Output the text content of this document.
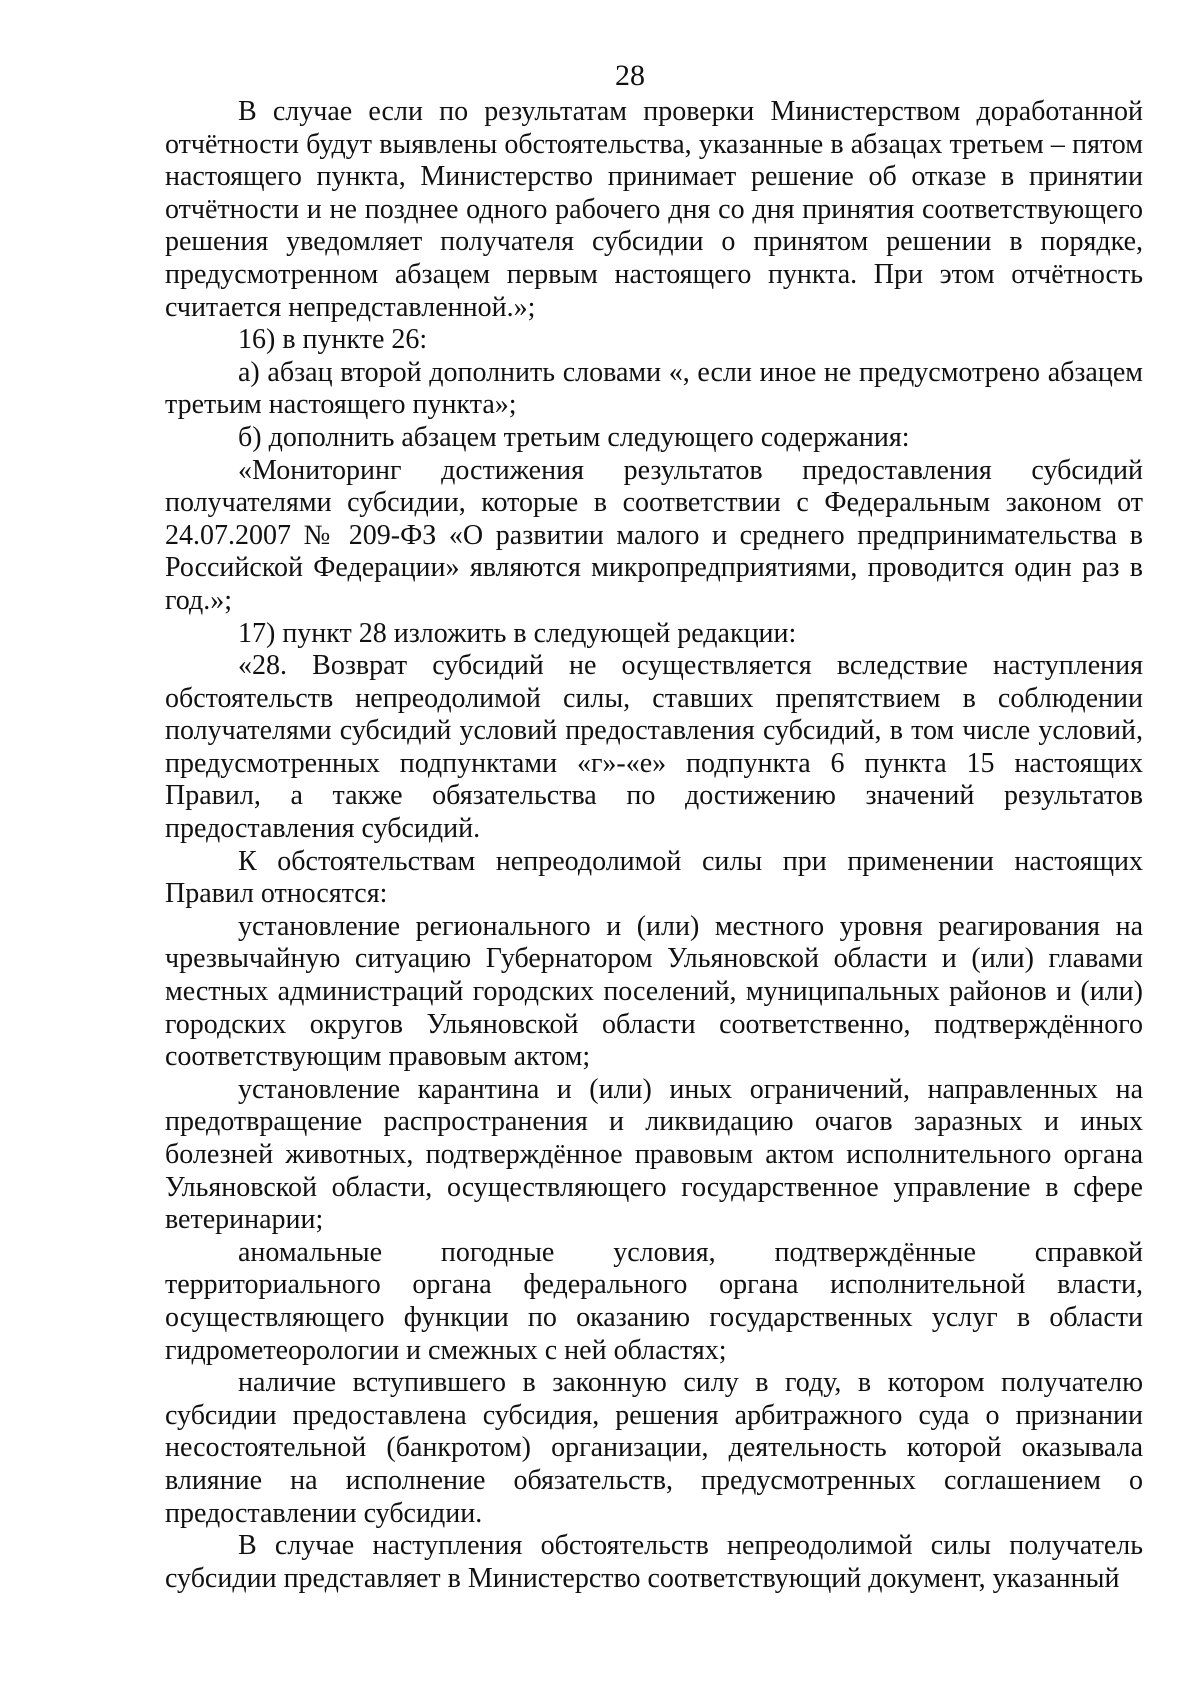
28

В случае если по результатам проверки Министерством доработанной отчётности будут выявлены обстоятельства, указанные в абзацах третьем – пятом настоящего пункта, Министерство принимает решение об отказе в принятии отчётности и не позднее одного рабочего дня со дня принятия соответствующего решения уведомляет получателя субсидии о принятом решении в порядке, предусмотренном абзацем первым настоящего пункта. При этом отчётность считается непредставленной.»;

16) в пункте 26:

а) абзац второй дополнить словами «, если иное не предусмотрено абзацем третьим настоящего пункта»;

б) дополнить абзацем третьим следующего содержания:

«Мониторинг достижения результатов предоставления субсидий получателями субсидии, которые в соответствии с Федеральным законом от 24.07.2007 № 209-ФЗ «О развитии малого и среднего предпринимательства в Российской Федерации» являются микропредприятиями, проводится один раз в год.»;

17) пункт 28 изложить в следующей редакции:

«28. Возврат субсидий не осуществляется вследствие наступления обстоятельств непреодолимой силы, ставших препятствием в соблюдении получателями субсидий условий предоставления субсидий, в том числе условий, предусмотренных подпунктами «г»-«е» подпункта 6 пункта 15 настоящих Правил, а также обязательства по достижению значений результатов предоставления субсидий.

К обстоятельствам непреодолимой силы при применении настоящих Правил относятся:

установление регионального и (или) местного уровня реагирования на чрезвычайную ситуацию Губернатором Ульяновской области и (или) главами местных администраций городских поселений, муниципальных районов и (или) городских округов Ульяновской области соответственно, подтверждённого соответствующим правовым актом;

установление карантина и (или) иных ограничений, направленных на предотвращение распространения и ликвидацию очагов заразных и иных болезней животных, подтверждённое правовым актом исполнительного органа Ульяновской области, осуществляющего государственное управление в сфере ветеринарии;

аномальные погодные условия, подтверждённые справкой территориального органа федерального органа исполнительной власти, осуществляющего функции по оказанию государственных услуг в области гидрометеорологии и смежных с ней областях;

наличие вступившего в законную силу в году, в котором получателю субсидии предоставлена субсидия, решения арбитражного суда о признании несостоятельной (банкротом) организации, деятельность которой оказывала влияние на исполнение обязательств, предусмотренных соглашением о предоставлении субсидии.

В случае наступления обстоятельств непреодолимой силы получатель субсидии представляет в Министерство соответствующий документ, указанный
